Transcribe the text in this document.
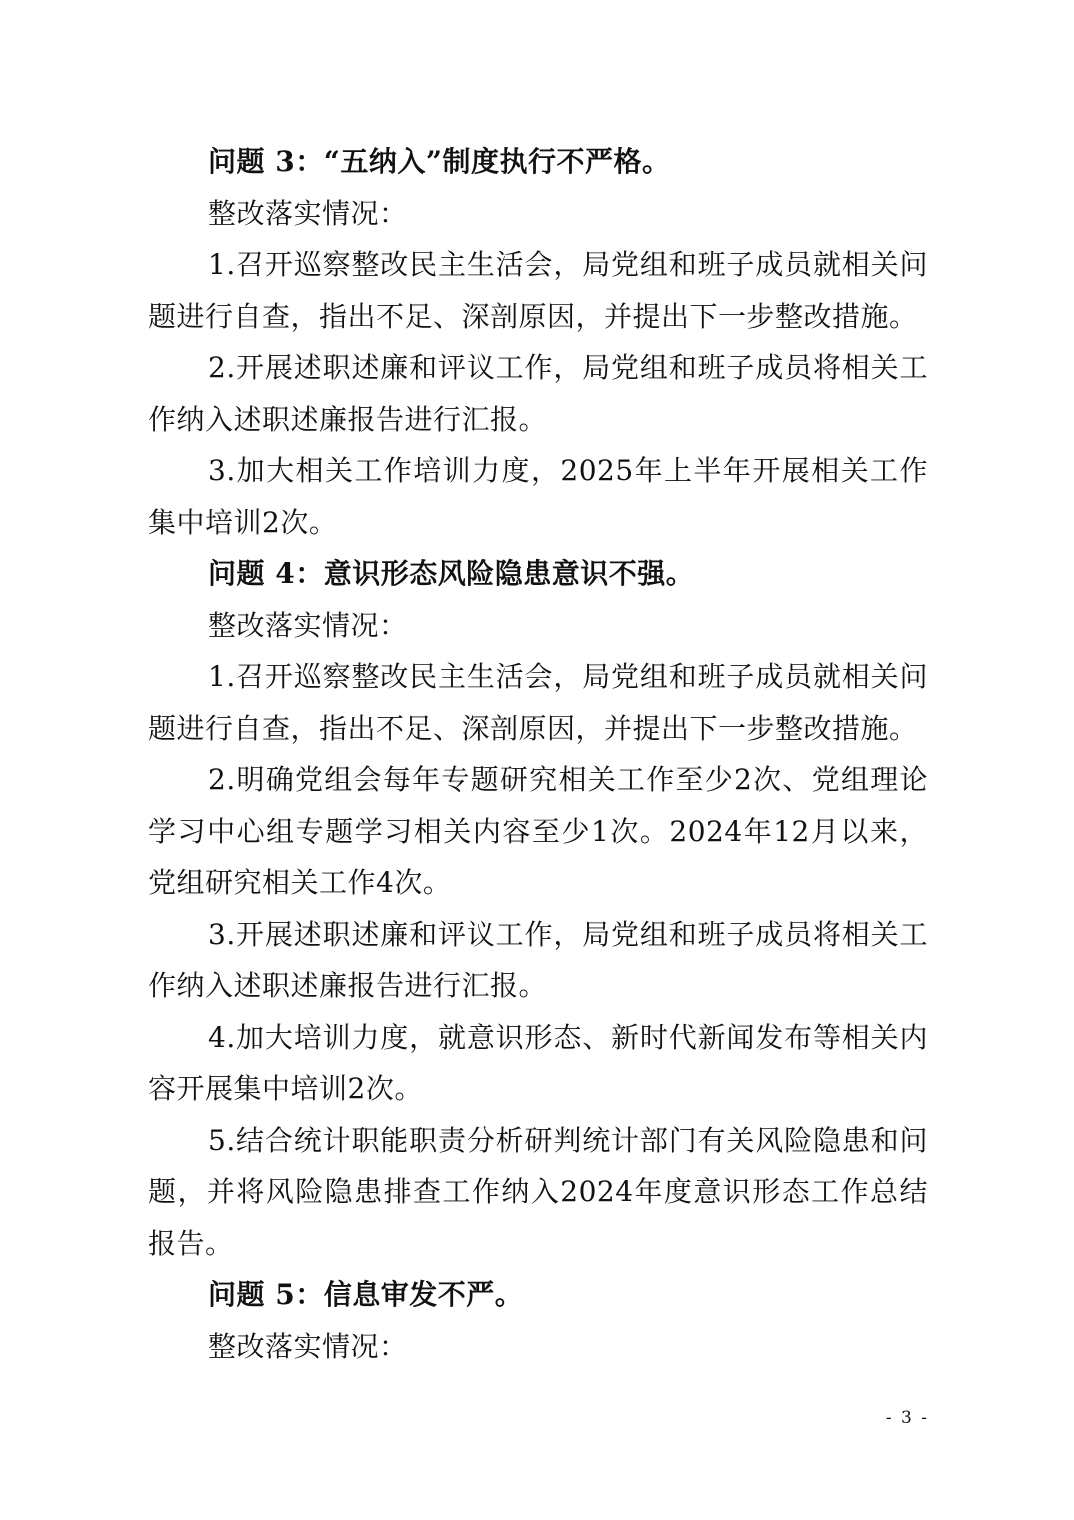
问题 3：“五纳入”制度执行不严格。

整改落实情况：

1.召开巡察整改民主生活会，局党组和班子成员就相关问题进行自查，指出不足、深剖原因，并提出下一步整改措施。

2.开展述职述廉和评议工作，局党组和班子成员将相关工作纳入述职述廉报告进行汇报。

3.加大相关工作培训力度，2025年上半年开展相关工作集中培训2次。

问题 4：意识形态风险隐患意识不强。

整改落实情况：

1.召开巡察整改民主生活会，局党组和班子成员就相关问题进行自查，指出不足、深剖原因，并提出下一步整改措施。

2.明确党组会每年专题研究相关工作至少2次、党组理论学习中心组专题学习相关内容至少1次。2024年12月以来，党组研究相关工作4次。

3.开展述职述廉和评议工作，局党组和班子成员将相关工作纳入述职述廉报告进行汇报。

4.加大培训力度，就意识形态、新时代新闻发布等相关内容开展集中培训2次。

5.结合统计职能职责分析研判统计部门有关风险隐患和问题，并将风险隐患排查工作纳入2024年度意识形态工作总结报告。

问题 5：信息审发不严。

整改落实情况：

- 3 -
